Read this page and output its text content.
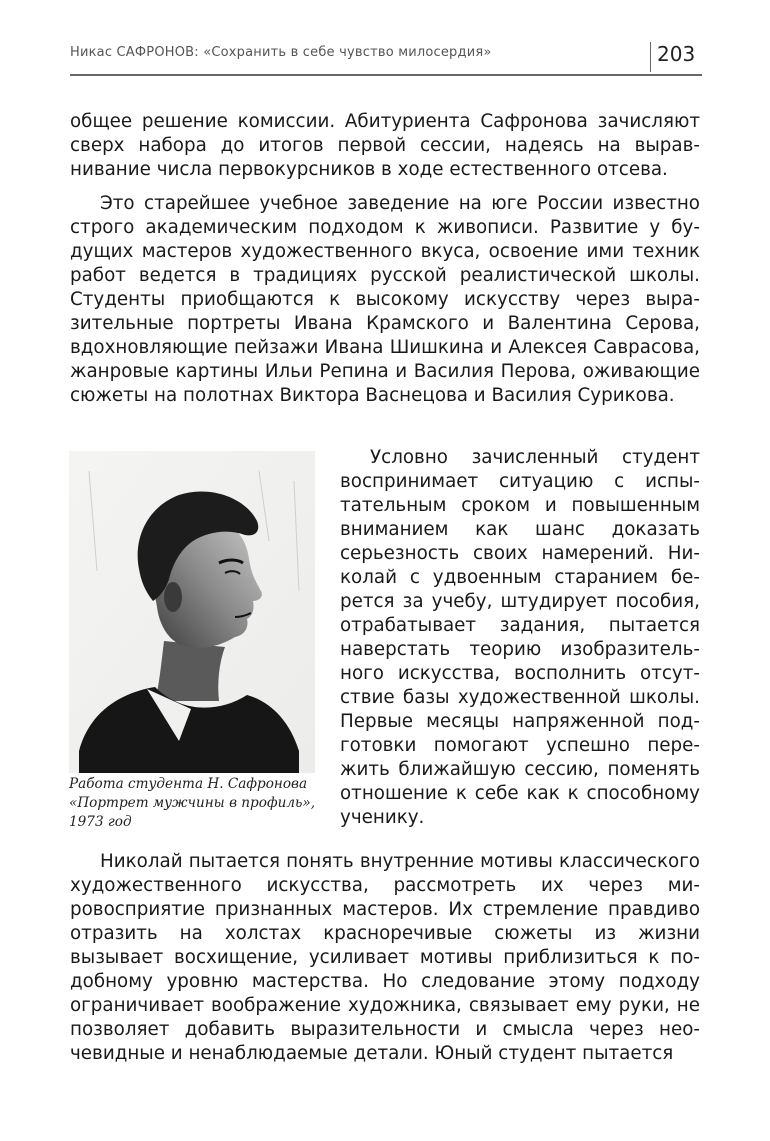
Никас САФРОНОВ: «Сохранить в себе чувство милосердия»	203

общее решение комиссии. Абитуриента Сафронова зачисляют сверх набора до итогов первой сессии, надеясь на выравнивание числа первокурсников в ходе естественного отсева.

Это старейшее учебное заведение на юге России известно строго академическим подходом к живописи. Развитие у будущих мастеров художественного вкуса, освоение ими техник работ ведется в традициях русской реалистической школы. Студенты приобщаются к высокому искусству через выразительные портреты Ивана Крамского и Валентина Серова, вдохновляющие пейзажи Ивана Шишкина и Алексея Саврасова, жанровые картины Ильи Репина и Василия Перова, оживающие сюжеты на полотнах Виктора Васнецова и Василия Сурикова.

Работа студента Н. Сафронова
«Портрет мужчины в профиль»,
1973 год

Условно зачисленный студент воспринимает ситуацию с испытательным сроком и повышенным вниманием как шанс доказать серьезность своих намерений. Николай с удвоенным старанием берется за учебу, штудирует пособия, отрабатывает задания, пытается наверстать теорию изобразительного искусства, восполнить отсутствие базы художественной школы. Первые месяцы напряженной подготовки помогают успешно пережить ближайшую сессию, поменять отношение к себе как к способному ученику.

Николай пытается понять внутренние мотивы классического художественного искусства, рассмотреть их через мировосприятие признанных мастеров. Их стремление правдиво отразить на холстах красноречивые сюжеты из жизни вызывает восхищение, усиливает мотивы приблизиться к подобному уровню мастерства. Но следование этому подходу ограничивает воображение художника, связывает ему руки, не позволяет добавить выразительности и смысла через неочевидные и ненаблюдаемые детали. Юный студент пытается
